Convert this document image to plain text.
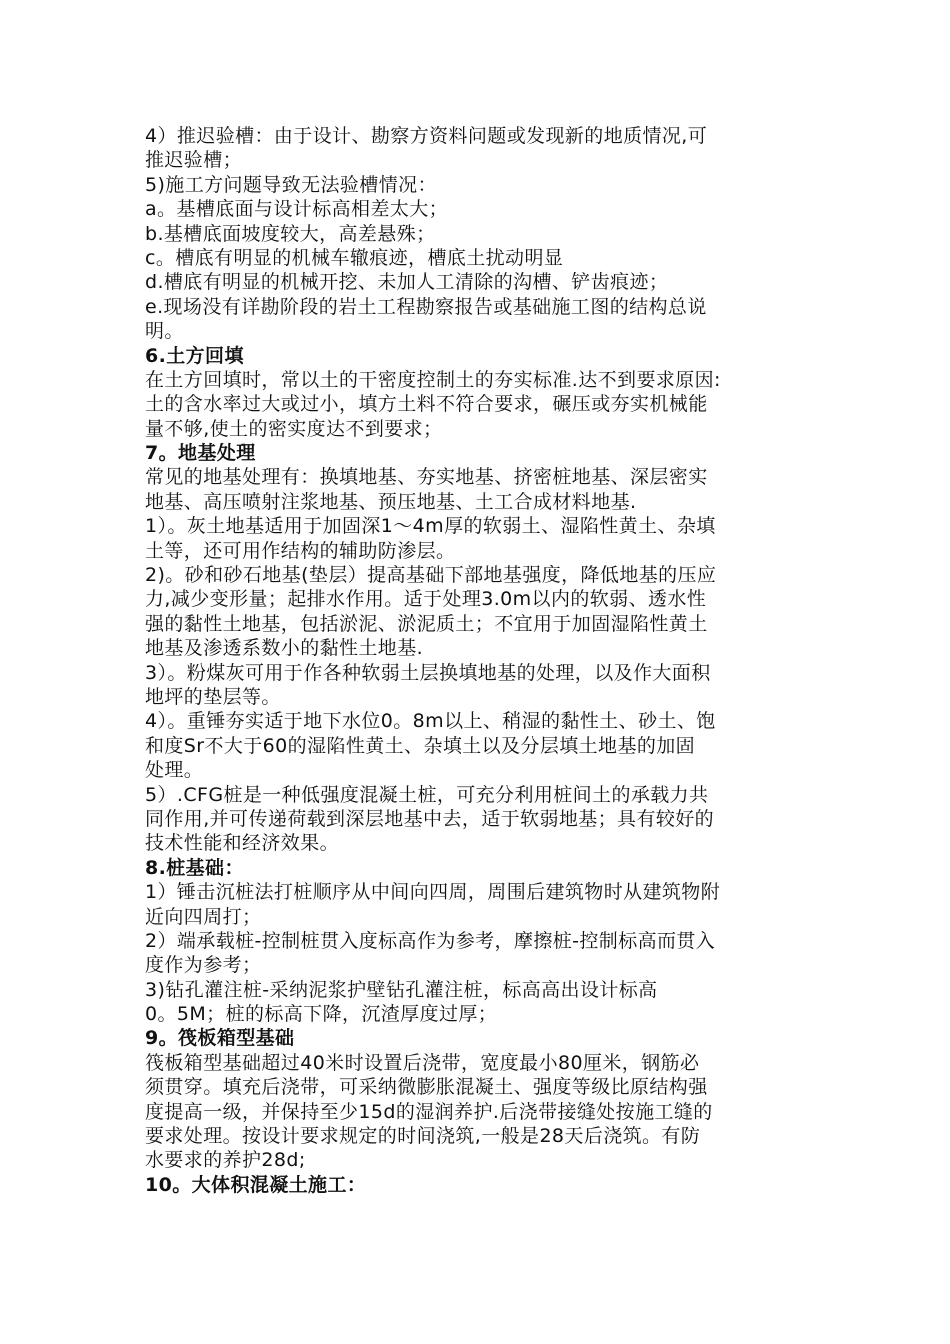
4）推迟验槽：由于设计、勘察方资料问题或发现新的地质情况,可
推迟验槽；
5)施工方问题导致无法验槽情况：
a。基槽底面与设计标高相差太大；
b.基槽底面坡度较大，高差悬殊；
c。槽底有明显的机械车辙痕迹，槽底土扰动明显
d.槽底有明显的机械开挖、未加人工清除的沟槽、铲齿痕迹；
e.现场没有详勘阶段的岩土工程勘察报告或基础施工图的结构总说
明。
6.土方回填
在土方回填时，常以土的干密度控制土的夯实标准.达不到要求原因:
土的含水率过大或过小，填方土料不符合要求，碾压或夯实机械能
量不够,使土的密实度达不到要求；
7。地基处理
常见的地基处理有：换填地基、夯实地基、挤密桩地基、深层密实
地基、高压喷射注浆地基、预压地基、土工合成材料地基.
1）。灰土地基适用于加固深1～4m厚的软弱土、湿陷性黄土、杂填
土等，还可用作结构的辅助防渗层。
2)。砂和砂石地基(垫层）提高基础下部地基强度，降低地基的压应
力,减少变形量；起排水作用。适于处理3.0m以内的软弱、透水性
强的黏性土地基，包括淤泥、淤泥质土；不宜用于加固湿陷性黄土
地基及渗透系数小的黏性土地基.
3）。粉煤灰可用于作各种软弱土层换填地基的处理，以及作大面积
地坪的垫层等。
4）。重锤夯实适于地下水位0。8m以上、稍湿的黏性土、砂土、饱
和度Sr不大于60的湿陷性黄土、杂填土以及分层填土地基的加固
处理。
5）.CFG桩是一种低强度混凝土桩，可充分利用桩间土的承载力共
同作用,并可传递荷载到深层地基中去，适于软弱地基；具有较好的
技术性能和经济效果。
8.桩基础：
1）锤击沉桩法打桩顺序从中间向四周，周围后建筑物时从建筑物附
近向四周打；
2）端承载桩-控制桩贯入度标高作为参考，摩擦桩-控制标高而贯入
度作为参考；
3)钻孔灌注桩-采纳泥浆护壁钻孔灌注桩，标高高出设计标高
0。5M；桩的标高下降，沉渣厚度过厚；
9。筏板箱型基础
筏板箱型基础超过40米时设置后浇带，宽度最小80厘米，钢筋必
须贯穿。填充后浇带，可采纳微膨胀混凝土、强度等级比原结构强
度提高一级，并保持至少15d的湿润养护.后浇带接缝处按施工缝的
要求处理。按设计要求规定的时间浇筑,一般是28天后浇筑。有防
水要求的养护28d;
10。大体积混凝土施工：
